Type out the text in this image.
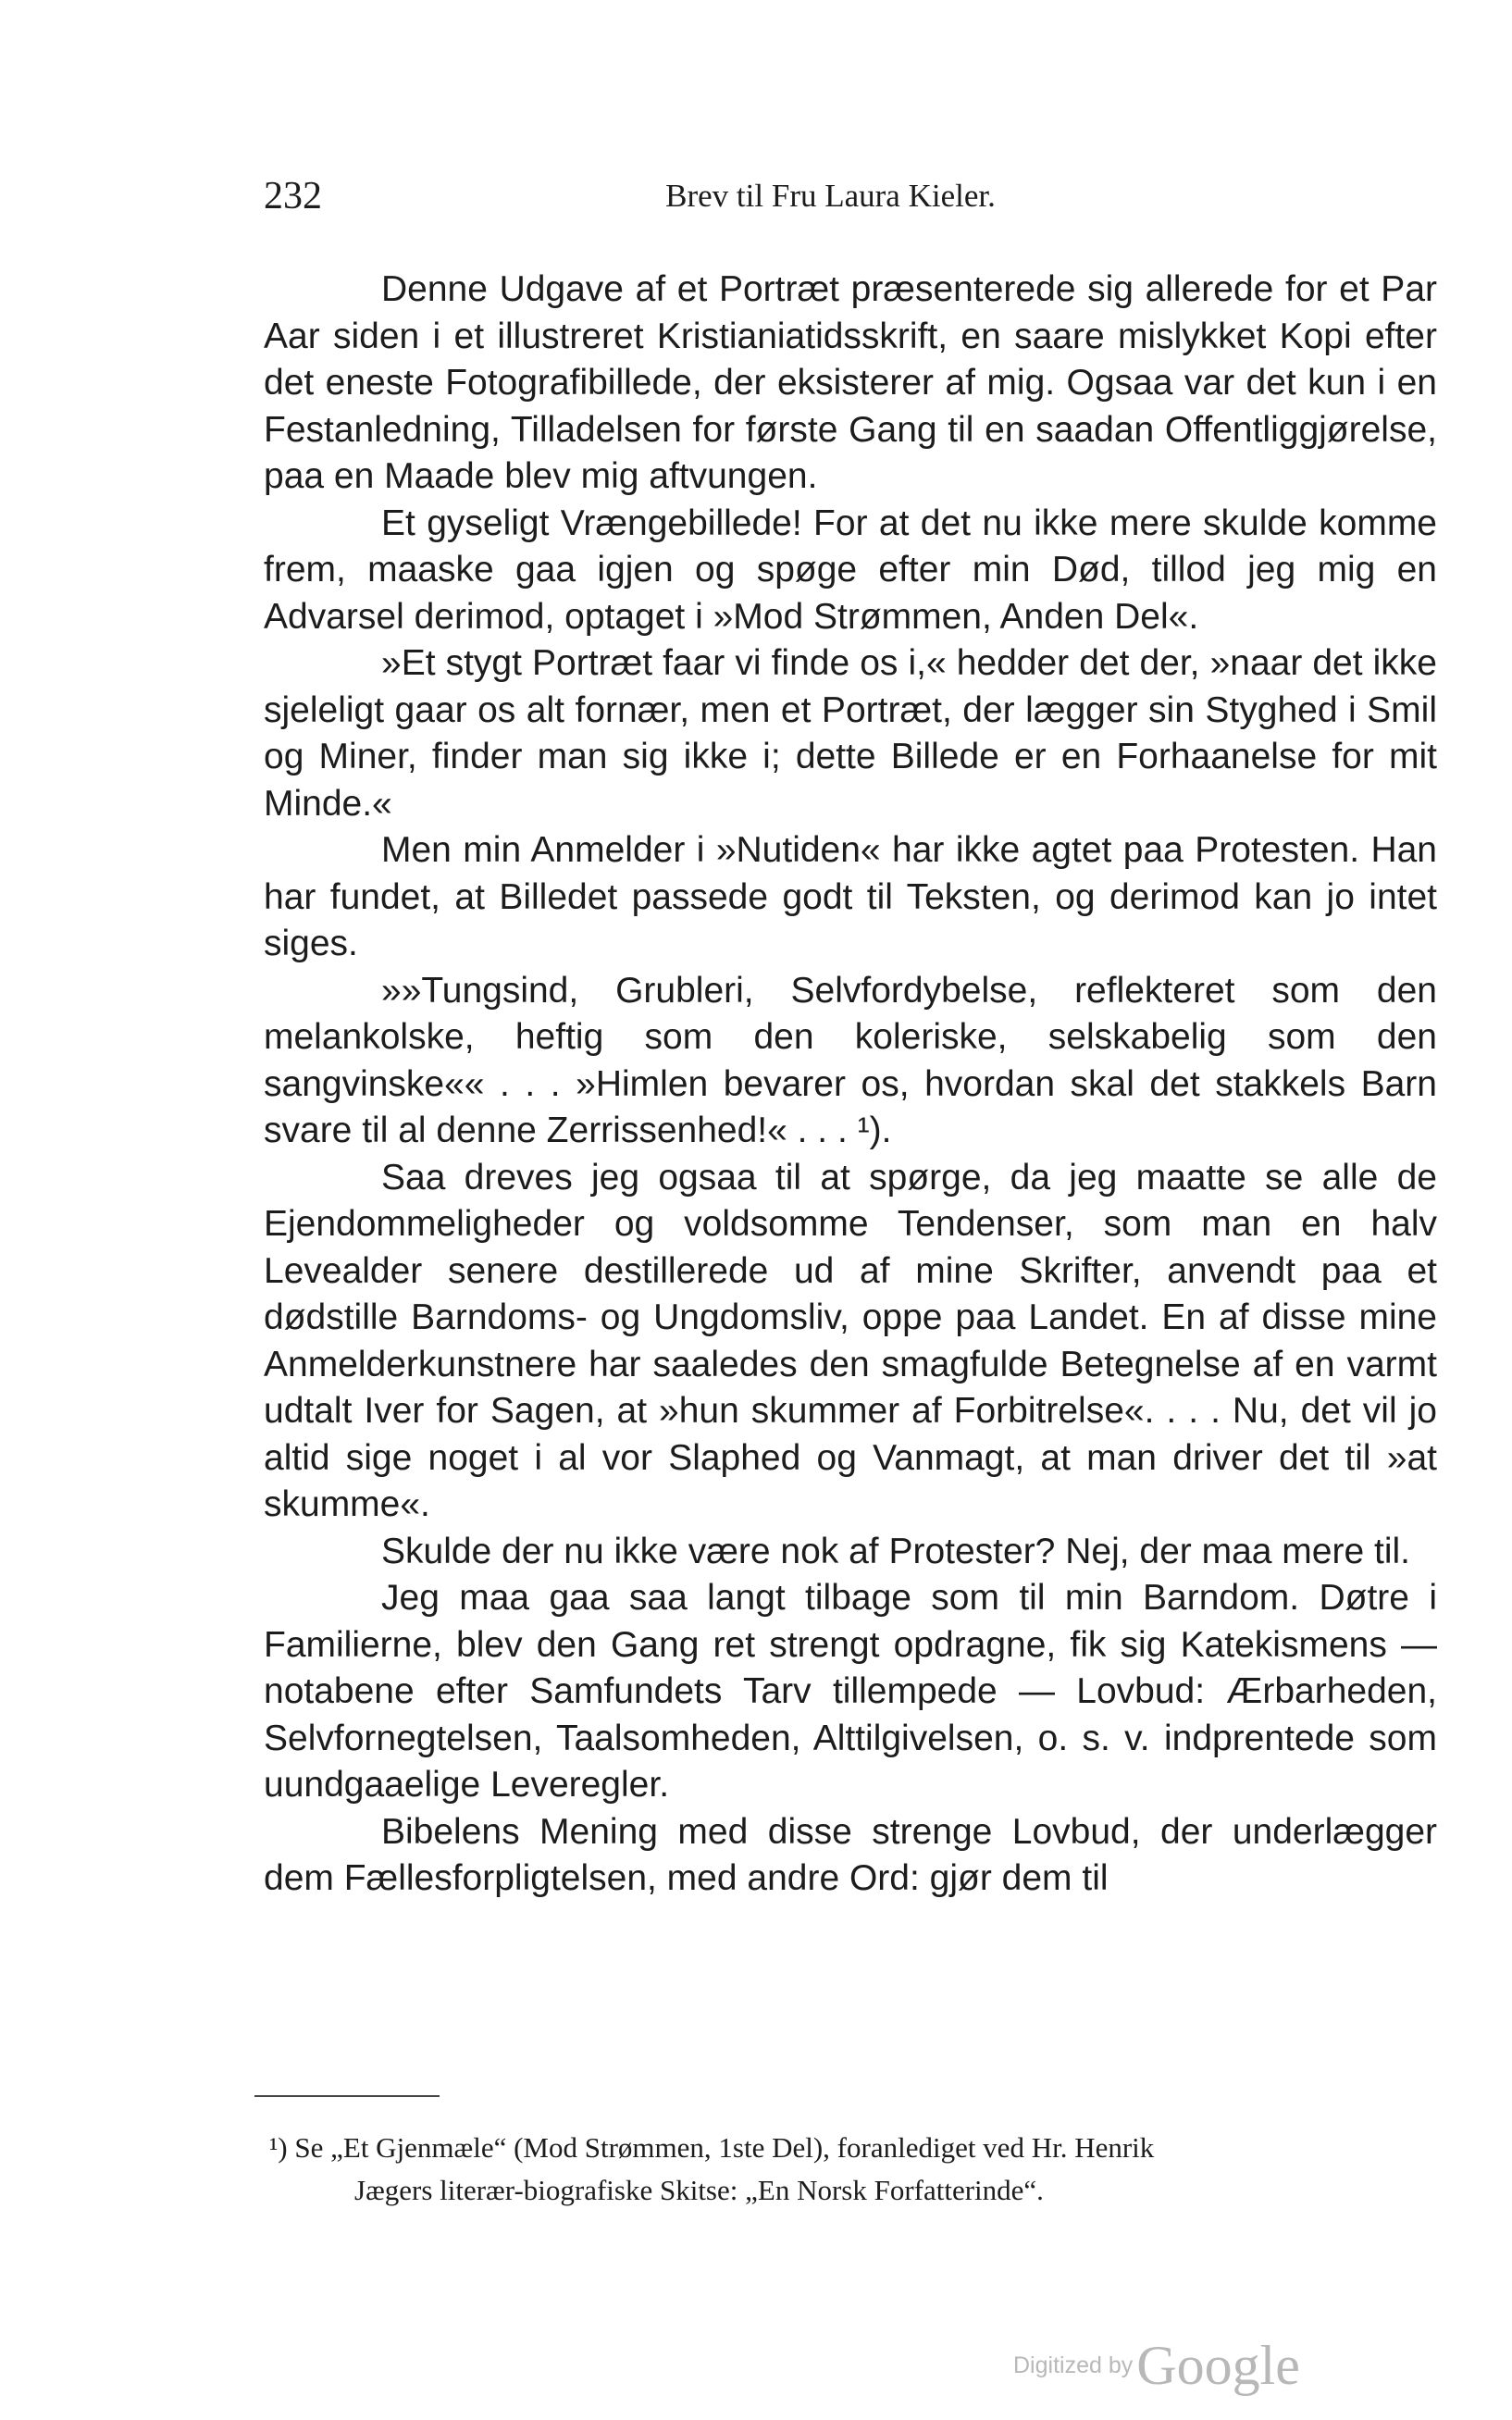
232	Brev til Fru Laura Kieler.

Denne Udgave af et Portræt præsenterede sig allerede for et Par Aar siden i et illustreret Kristianiatidsskrift, en saare mislykket Kopi efter det eneste Fotografibillede, der eksisterer af mig. Ogsaa var det kun i en Festanledning, Tilladelsen for første Gang til en saadan Offentliggjørelse, paa en Maade blev mig aftvungen.

Et gyseligt Vrængebillede! For at det nu ikke mere skulde komme frem, maaske gaa igjen og spøge efter min Død, tillod jeg mig en Advarsel derimod, optaget i »Mod Strømmen, Anden Del«.

»Et stygt Portræt faar vi finde os i,« hedder det der, »naar det ikke sjeleligt gaar os alt fornær, men et Portræt, der lægger sin Styghed i Smil og Miner, finder man sig ikke i; dette Billede er en Forhaanelse for mit Minde.«

Men min Anmelder i »Nutiden« har ikke agtet paa Protesten. Han har fundet, at Billedet passede godt til Teksten, og derimod kan jo intet siges.

»»Tungsind, Grubleri, Selvfordybelse, reflekteret som den melankolske, heftig som den koleriske, selskabelig som den sangvinske«« . . . »Himlen bevarer os, hvordan skal det stakkels Barn svare til al denne Zerrissenhed!« . . . ¹).

Saa dreves jeg ogsaa til at spørge, da jeg maatte se alle de Ejendommeligheder og voldsomme Tendenser, som man en halv Levealder senere destillerede ud af mine Skrifter, anvendt paa et dødstille Barndoms- og Ungdomsliv, oppe paa Landet. En af disse mine Anmelderkunstnere har saaledes den smagfulde Betegnelse af en varmt udtalt Iver for Sagen, at »hun skummer af Forbitrelse«. . . . Nu, det vil jo altid sige noget i al vor Slaphed og Vanmagt, at man driver det til »at skumme«.

Skulde der nu ikke være nok af Protester? Nej, der maa mere til.

Jeg maa gaa saa langt tilbage som til min Barndom. Døtre i Familierne, blev den Gang ret strengt opdragne, fik sig Katekismens — notabene efter Samfundets Tarv tillempede — Lovbud: Ærbarheden, Selvfornegtelsen, Taalsomheden, Alttilgivelsen, o. s. v. indprentede som uundgaaelige Leveregler.

Bibelens Mening med disse strenge Lovbud, der underlægger dem Fællesforpligtelsen, med andre Ord: gjør dem til

¹) Se „Et Gjenmæle“ (Mod Strømmen, 1ste Del), foranlediget ved Hr. Henrik
Jægers literær-biografiske Skitse: „En Norsk Forfatterinde“.
Digitized by Google
